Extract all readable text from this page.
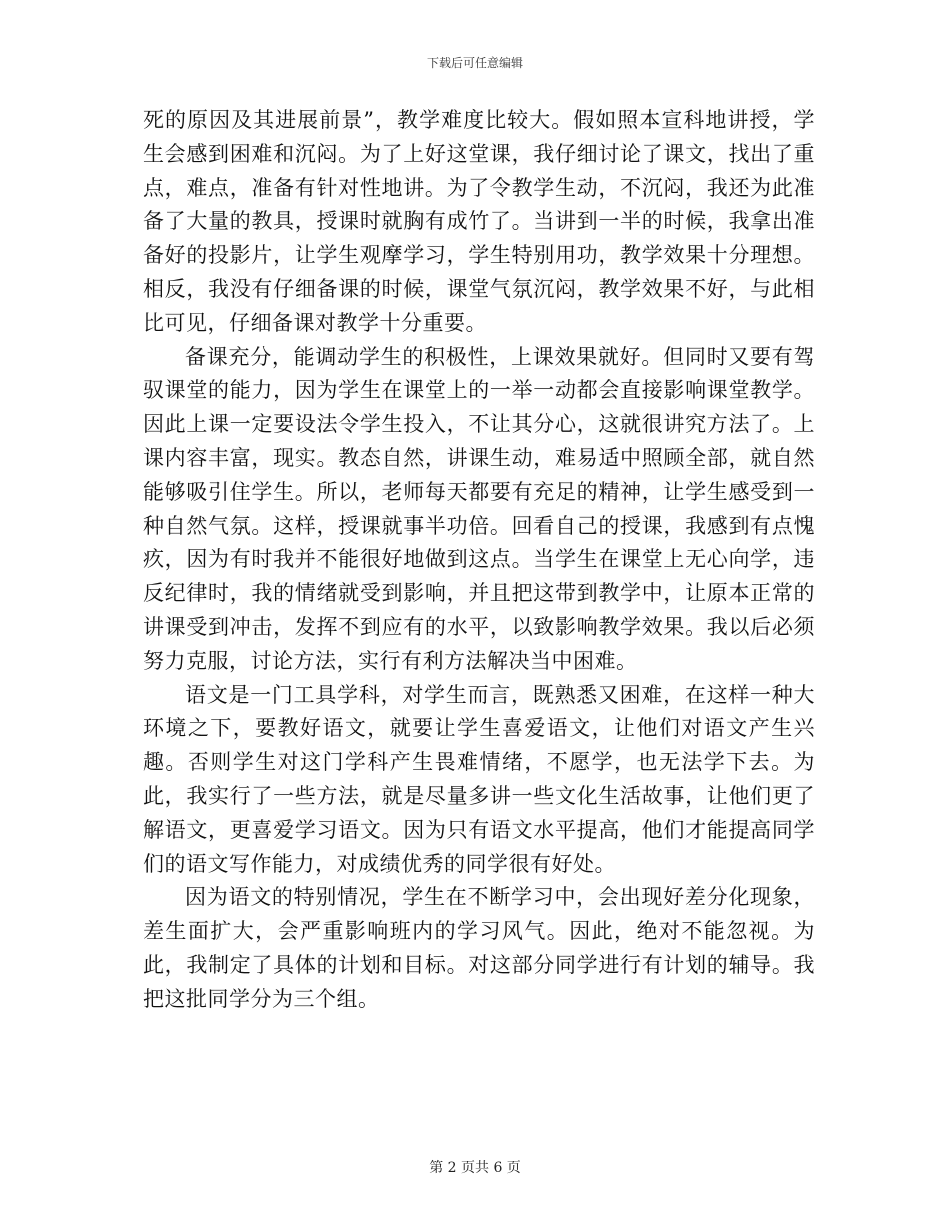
下载后可任意编辑

死的原因及其进展前景”，教学难度比较大。假如照本宣科地讲授，学生会感到困难和沉闷。为了上好这堂课，我仔细讨论了课文，找出了重点，难点，准备有针对性地讲。为了令教学生动，不沉闷，我还为此准备了大量的教具，授课时就胸有成竹了。当讲到一半的时候，我拿出准备好的投影片，让学生观摩学习，学生特别用功，教学效果十分理想。相反，我没有仔细备课的时候，课堂气氛沉闷，教学效果不好，与此相比可见，仔细备课对教学十分重要。

备课充分，能调动学生的积极性，上课效果就好。但同时又要有驾驭课堂的能力，因为学生在课堂上的一举一动都会直接影响课堂教学。因此上课一定要设法令学生投入，不让其分心，这就很讲究方法了。上课内容丰富，现实。教态自然，讲课生动，难易适中照顾全部，就自然能够吸引住学生。所以，老师每天都要有充足的精神，让学生感受到一种自然气氛。这样，授课就事半功倍。回看自己的授课，我感到有点愧疚，因为有时我并不能很好地做到这点。当学生在课堂上无心向学，违反纪律时，我的情绪就受到影响，并且把这带到教学中，让原本正常的讲课受到冲击，发挥不到应有的水平，以致影响教学效果。我以后必须努力克服，讨论方法，实行有利方法解决当中困难。

语文是一门工具学科，对学生而言，既熟悉又困难，在这样一种大环境之下，要教好语文，就要让学生喜爱语文，让他们对语文产生兴趣。否则学生对这门学科产生畏难情绪，不愿学，也无法学下去。为此，我实行了一些方法，就是尽量多讲一些文化生活故事，让他们更了解语文，更喜爱学习语文。因为只有语文水平提高，他们才能提高同学们的语文写作能力，对成绩优秀的同学很有好处。

因为语文的特别情况，学生在不断学习中，会出现好差分化现象，差生面扩大，会严重影响班内的学习风气。因此，绝对不能忽视。为此，我制定了具体的计划和目标。对这部分同学进行有计划的辅导。我把这批同学分为三个组。

第 2 页共 6 页
